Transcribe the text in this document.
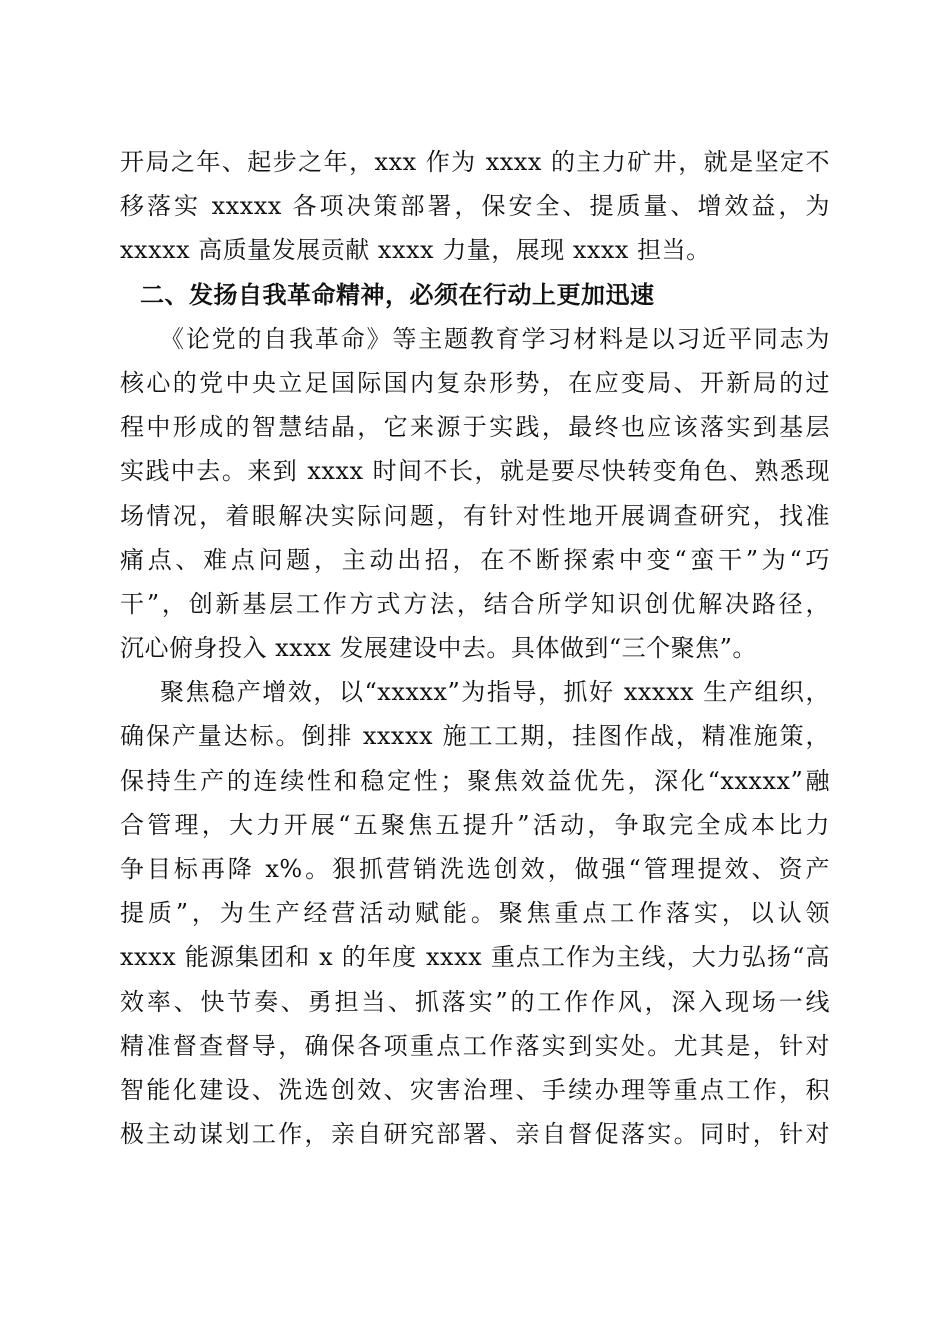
开局之年、起步之年，xxx 作为 xxxx 的主力矿井，就是坚定不
移落实 xxxxx 各项决策部署，保安全、提质量、增效益，为
xxxxx 高质量发展贡献 xxxx 力量，展现 xxxx 担当。
二、发扬自我革命精神，必须在行动上更加迅速
《论党的自我革命》等主题教育学习材料是以习近平同志为
核心的党中央立足国际国内复杂形势，在应变局、开新局的过
程中形成的智慧结晶，它来源于实践，最终也应该落实到基层
实践中去。来到 xxxx 时间不长，就是要尽快转变角色、熟悉现
场情况，着眼解决实际问题，有针对性地开展调查研究，找准
痛点、难点问题，主动出招，在不断探索中变“蛮干”为“巧
干”，创新基层工作方式方法，结合所学知识创优解决路径，
沉心俯身投入 xxxx 发展建设中去。具体做到“三个聚焦”。
聚焦稳产增效，以“xxxxx”为指导，抓好 xxxxx 生产组织，
确保产量达标。倒排 xxxxx 施工工期，挂图作战，精准施策，
保持生产的连续性和稳定性；聚焦效益优先，深化“xxxxx”融
合管理，大力开展“五聚焦五提升”活动，争取完全成本比力
争目标再降 x%。狠抓营销洗选创效，做强“管理提效、资产
提质”，为生产经营活动赋能。聚焦重点工作落实，以认领
xxxx 能源集团和 x 的年度 xxxx 重点工作为主线，大力弘扬“高
效率、快节奏、勇担当、抓落实”的工作作风，深入现场一线
精准督查督导，确保各项重点工作落实到实处。尤其是，针对
智能化建设、洗选创效、灾害治理、手续办理等重点工作，积
极主动谋划工作，亲自研究部署、亲自督促落实。同时，针对
